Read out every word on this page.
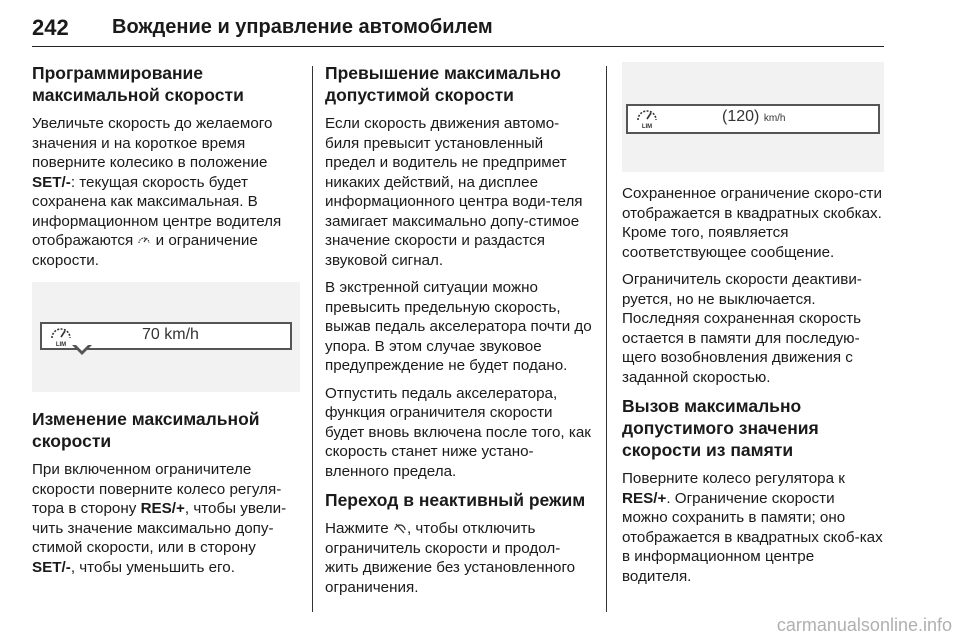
242 Вождение и управление автомобилем
Программирование максимальной скорости

Увеличьте скорость до желаемого значения и на короткое время поверните колесико в положение SET/-: текущая скорость будет сохранена как максимальная. В информационном центре водителя отображаются  и ограничение скорости.

LIM
70 km/h
Изменение максимальной скорости

При включенном ограничителе скорости поверните колесо регуля-тора в сторону RES/+, чтобы увели-чить значение максимально допу-стимой скорости, или в сторону SET/-, чтобы уменьшить его.

Превышение максимально допустимой скорости

Если скорость движения автомо-биля превысит установленный предел и водитель не предпримет никаких действий, на дисплее информационного центра води-теля замигает максимально допу-стимое значение скорости и раздастся звуковой сигнал.

В экстренной ситуации можно превысить предельную скорость, выжав педаль акселератора почти до упора. В этом случае звуковое предупреждение не будет подано.

Отпустить педаль акселератора, функция ограничителя скорости будет вновь включена после того, как скорость станет ниже устано-вленного предела.

Переход в неактивный режим

Нажмите , чтобы отключить ограничитель скорости и продол-жить движение без установленного ограничения.

LIM
(120) km/h

Сохраненное ограничение скоро-сти отображается в квадратных скобках. Кроме того, появляется соответствующее сообщение.

Ограничитель скорости деактиви-руется, но не выключается. Последняя сохраненная скорость остается в памяти для последую-щего возобновления движения с заданной скоростью.

Вызов максимально допустимого значения скорости из памяти

Поверните колесо регулятора к RES/+. Ограничение скорости можно сохранить в памяти; оно отображается в квадратных скоб-ках в информационном центре водителя.

carmanualsonline.info
